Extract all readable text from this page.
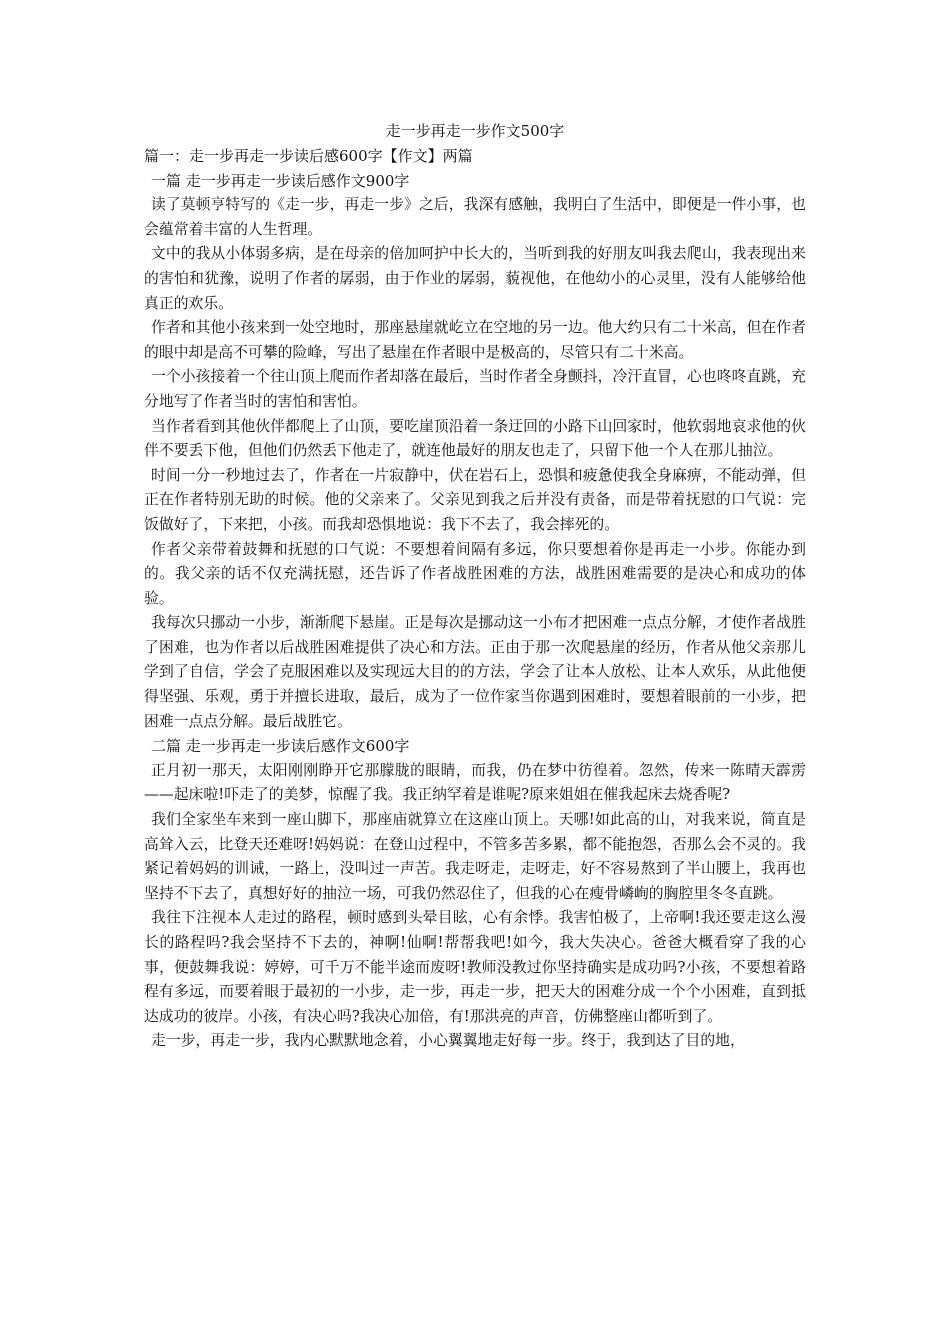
走一步再走一步作文500字

篇一：走一步再走一步读后感600字【作文】两篇

一篇 走一步再走一步读后感作文900字

读了莫顿亨特写的《走一步，再走一步》之后，我深有感触，我明白了生活中，即便是一件小事，也会蕴常着丰富的人生哲理。

文中的我从小体弱多病，是在母亲的倍加呵护中长大的，当听到我的好朋友叫我去爬山，我表现出来的害怕和犹豫，说明了作者的孱弱，由于作业的孱弱，藐视他，在他幼小的心灵里，没有人能够给他真正的欢乐。

作者和其他小孩来到一处空地时，那座悬崖就屹立在空地的另一边。他大约只有二十米高，但在作者的眼中却是高不可攀的险峰，写出了悬崖在作者眼中是极高的，尽管只有二十米高。

一个小孩接着一个往山顶上爬而作者却落在最后，当时作者全身颤抖，冷汗直冒，心也咚咚直跳，充分地写了作者当时的害怕和害怕。

当作者看到其他伙伴都爬上了山顶，要吃崖顶沿着一条迂回的小路下山回家时，他软弱地哀求他的伙伴不要丢下他，但他们仍然丢下他走了，就连他最好的朋友也走了，只留下他一个人在那儿抽泣。

时间一分一秒地过去了，作者在一片寂静中，伏在岩石上，恐惧和疲惫使我全身麻痹，不能动弹，但正在作者特别无助的时候。他的父亲来了。父亲见到我之后并没有责备，而是带着抚慰的口气说：完饭做好了，下来把，小孩。而我却恐惧地说：我下不去了，我会摔死的。

作者父亲带着鼓舞和抚慰的口气说：不要想着间隔有多远，你只要想着你是再走一小步。你能办到的。我父亲的话不仅充满抚慰，还告诉了作者战胜困难的方法，战胜困难需要的是决心和成功的体验。

我每次只挪动一小步，渐渐爬下悬崖。正是每次是挪动这一小布才把困难一点点分解，才使作者战胜了困难，也为作者以后战胜困难提供了决心和方法。正由于那一次爬悬崖的经历，作者从他父亲那儿学到了自信，学会了克服困难以及实现远大目的的方法，学会了让本人放松、让本人欢乐，从此他便得坚强、乐观，勇于并擅长进取，最后，成为了一位作家当你遇到困难时，要想着眼前的一小步，把困难一点点分解。最后战胜它。

二篇 走一步再走一步读后感作文600字

正月初一那天，太阳刚刚睁开它那朦胧的眼睛，而我，仍在梦中彷徨着。忽然，传来一陈晴天霹雳——起床啦!吓走了的美梦，惊醒了我。我正纳罕着是谁呢?原来姐姐在催我起床去烧香呢?

我们全家坐车来到一座山脚下，那座庙就算立在这座山顶上。天哪!如此高的山，对我来说，简直是高耸入云，比登天还难呀!妈妈说：在登山过程中，不管多苦多累，都不能抱怨，否那么会不灵的。我紧记着妈妈的训诫，一路上，没叫过一声苦。我走呀走，走呀走，好不容易熬到了半山腰上，我再也坚持不下去了，真想好好的抽泣一场，可我仍然忍住了，但我的心在瘦骨嶙峋的胸腔里冬冬直跳。

我往下注视本人走过的路程，顿时感到头晕目眩，心有余悸。我害怕极了，上帝啊!我还要走这么漫长的路程吗?我会坚持不下去的，神啊!仙啊!帮帮我吧!如今，我大失决心。爸爸大概看穿了我的心事，便鼓舞我说：婷婷，可千万不能半途而废呀!教师没教过你坚持确实是成功吗?小孩，不要想着路程有多远，而要着眼于最初的一小步，走一步，再走一步，把天大的困难分成一个个小困难，直到抵达成功的彼岸。小孩，有决心吗?我决心加倍，有!那洪亮的声音，仿佛整座山都听到了。

走一步，再走一步，我内心默默地念着，小心翼翼地走好每一步。终于，我到达了目的地，
